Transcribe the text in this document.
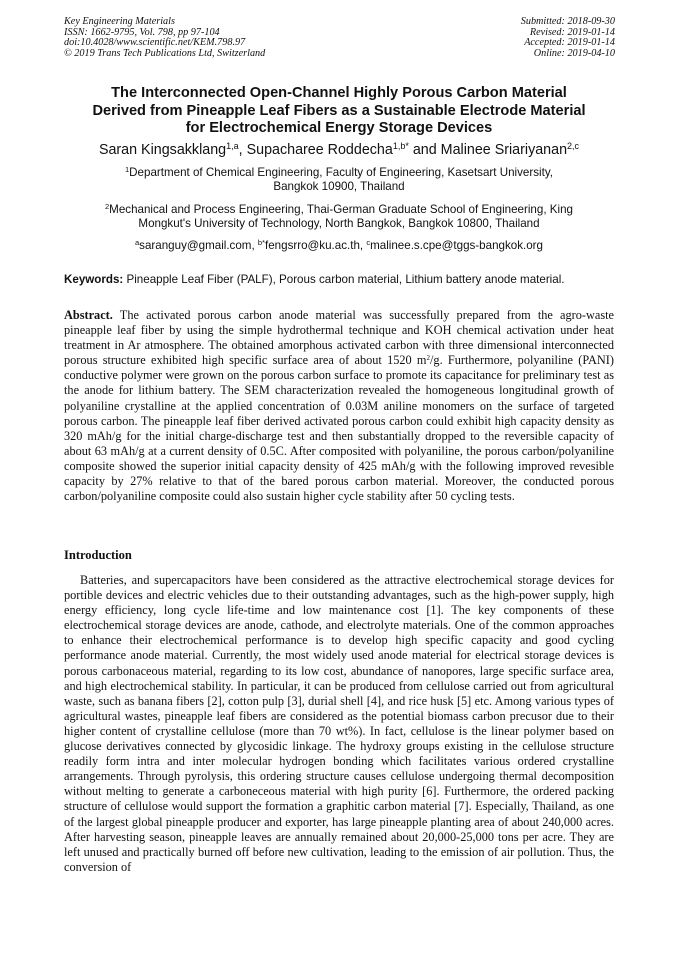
Key Engineering Materials
ISSN: 1662-9795, Vol. 798, pp 97-104
doi:10.4028/www.scientific.net/KEM.798.97
© 2019 Trans Tech Publications Ltd, Switzerland
Submitted: 2018-09-30
Revised: 2019-01-14
Accepted: 2019-01-14
Online: 2019-04-10
The Interconnected Open-Channel Highly Porous Carbon Material
Derived from Pineapple Leaf Fibers as a Sustainable Electrode Material
for Electrochemical Energy Storage Devices
Saran Kingsakklang$^{1,a}$, Supacharee Roddecha$^{1,b*}$ and Malinee Sriariyanan$^{2,c}$
$^1$Department of Chemical Engineering, Faculty of Engineering, Kasetsart University,
Bangkok 10900, Thailand
$^2$Mechanical and Process Engineering, Thai-German Graduate School of Engineering, King
Mongkut's University of Technology, North Bangkok, Bangkok 10800, Thailand
$^a$saranguy@gmail.com, $^{b*}$fengsrro@ku.ac.th, $^c$malinee.s.cpe@tggs-bangkok.org
Keywords: Pineapple Leaf Fiber (PALF), Porous carbon material, Lithium battery anode material.
Abstract. The activated porous carbon anode material was successfully prepared from the agro-waste pineapple leaf fiber by using the simple hydrothermal technique and KOH chemical activation under heat treatment in Ar atmosphere. The obtained amorphous activated carbon with three dimensional interconnected porous structure exhibited high specific surface area of about 1520 $m^2/g$. Furthermore, polyaniline (PANI) conductive polymer were grown on the porous carbon surface to promote its capacitance for preliminary test as the anode for lithium battery. The SEM characterization revealed the homogeneous longitudinal growth of polyaniline crystalline at the applied concentration of 0.03M aniline monomers on the surface of targeted porous carbon. The pineapple leaf fiber derived activated porous carbon could exhibit high capacity density as 320 mAh/g for the initial charge-discharge test and then substantially dropped to the reversible capacity of about 63 mAh/g at a current density of 0.5C. After composited with polyaniline, the porous carbon/polyaniline composite showed the superior initial capacity density of 425 mAh/g with the following improved revesible capacity by 27% relative to that of the bared porous carbon material. Moreover, the conducted porous carbon/polyaniline composite could also sustain higher cycle stability after 50 cycling tests.
Introduction
Batteries, and supercapacitors have been considered as the attractive electrochemical storage devices for portible devices and electric vehicles due to their outstanding advantages, such as the high-power supply, high energy efficiency, long cycle life-time and low maintenance cost [1]. The key components of these electrochemical storage devices are anode, cathode, and electrolyte materials. One of the common approaches to enhance their electrochemical performance is to develop high specific capacity and good cycling performance anode material. Currently, the most widely used anode material for electrical storage devices is porous carbonaceous material, regarding to its low cost, abundance of nanopores, large specific surface area, and high electrochemical stability. In particular, it can be produced from cellulose carried out from agricultural waste, such as banana fibers [2], cotton pulp [3], durial shell [4], and rice husk [5] etc. Among various types of agricultural wastes, pineapple leaf fibers are considered as the potential biomass carbon precusor due to their higher content of crystalline cellulose (more than 70 wt%). In fact, cellulose is the linear polymer based on glucose derivatives connected by glycosidic linkage. The hydroxy groups existing in the cellulose structure readily form intra and inter molecular hydrogen bonding which facilitates various ordered crystalline arrangements. Through pyrolysis, this ordering structure causes cellulose undergoing thermal decomposition without melting to generate a carboneceous material with high purity [6]. Furthermore, the ordered packing structure of cellulose would support the formation a graphitic carbon material [7]. Especially, Thailand, as one of the largest global pineapple producer and exporter, has large pineapple planting area of about 240,000 acres. After harvesting season, pineapple leaves are annually remained about 20,000-25,000 tons per acre. They are left unused and practically burned off before new cultivation, leading to the emission of air pollution. Thus, the conversion of
